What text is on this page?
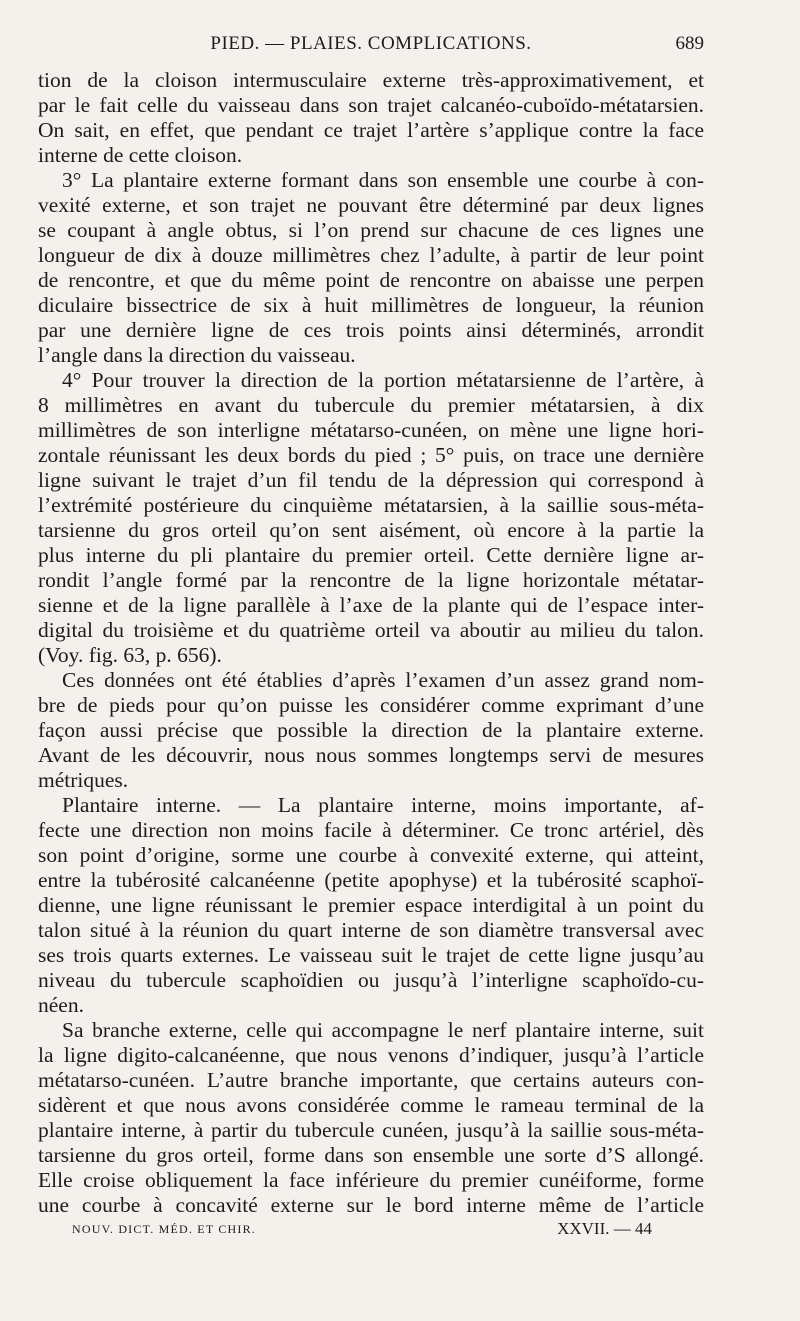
PIED. — PLAIES. COMPLICATIONS.	689
tion de la cloison intermusculaire externe très-approximativement, et
par le fait celle du vaisseau dans son trajet calcanéo-cuboïdo-métatarsien.
On sait, en effet, que pendant ce trajet l’artère s’applique contre la face
interne de cette cloison.
3° La plantaire externe formant dans son ensemble une courbe à con-
vexité externe, et son trajet ne pouvant être déterminé par deux lignes
se coupant à angle obtus, si l’on prend sur chacune de ces lignes une
longueur de dix à douze millimètres chez l’adulte, à partir de leur point
de rencontre, et que du même point de rencontre on abaisse une perpen
diculaire bissectrice de six à huit millimètres de longueur, la réunion
par une dernière ligne de ces trois points ainsi déterminés, arrondit
l’angle dans la direction du vaisseau.
4° Pour trouver la direction de la portion métatarsienne de l’artère, à
8 millimètres en avant du tubercule du premier métatarsien, à dix
millimètres de son interligne métatarso-cunéen, on mène une ligne hori-
zontale réunissant les deux bords du pied ; 5° puis, on trace une dernière
ligne suivant le trajet d’un fil tendu de la dépression qui correspond à
l’extrémité postérieure du cinquième métatarsien, à la saillie sous-méta-
tarsienne du gros orteil qu’on sent aisément, où encore à la partie la
plus interne du pli plantaire du premier orteil. Cette dernière ligne ar-
rondit l’angle formé par la rencontre de la ligne horizontale métatar-
sienne et de la ligne parallèle à l’axe de la plante qui de l’espace inter-
digital du troisième et du quatrième orteil va aboutir au milieu du talon.
(Voy. fig. 63, p. 656).
Ces données ont été établies d’après l’examen d’un assez grand nom-
bre de pieds pour qu’on puisse les considérer comme exprimant d’une
façon aussi précise que possible la direction de la plantaire externe.
Avant de les découvrir, nous nous sommes longtemps servi de mesures
métriques.
Plantaire interne. — La plantaire interne, moins importante, af-
fecte une direction non moins facile à déterminer. Ce tronc artériel, dès
son point d’origine, sorme une courbe à convexité externe, qui atteint,
entre la tubérosité calcanéenne (petite apophyse) et la tubérosité scaphoï-
dienne, une ligne réunissant le premier espace interdigital à un point du
talon situé à la réunion du quart interne de son diamètre transversal avec
ses trois quarts externes. Le vaisseau suit le trajet de cette ligne jusqu’au
niveau du tubercule scaphoïdien ou jusqu’à l’interligne scaphoïdo-cu-
néen.
Sa branche externe, celle qui accompagne le nerf plantaire interne, suit
la ligne digito-calcanéenne, que nous venons d’indiquer, jusqu’à l’article
métatarso-cunéen. L’autre branche importante, que certains auteurs con-
sidèrent et que nous avons considérée comme le rameau terminal de la
plantaire interne, à partir du tubercule cunéen, jusqu’à la saillie sous-méta-
tarsienne du gros orteil, forme dans son ensemble une sorte d’S allongé.
Elle croise obliquement la face inférieure du premier cunéiforme, forme
une courbe à concavité externe sur le bord interne même de l’article
NOUV. DICT. MÉD. ET CHIR.	XXVII. — 44
